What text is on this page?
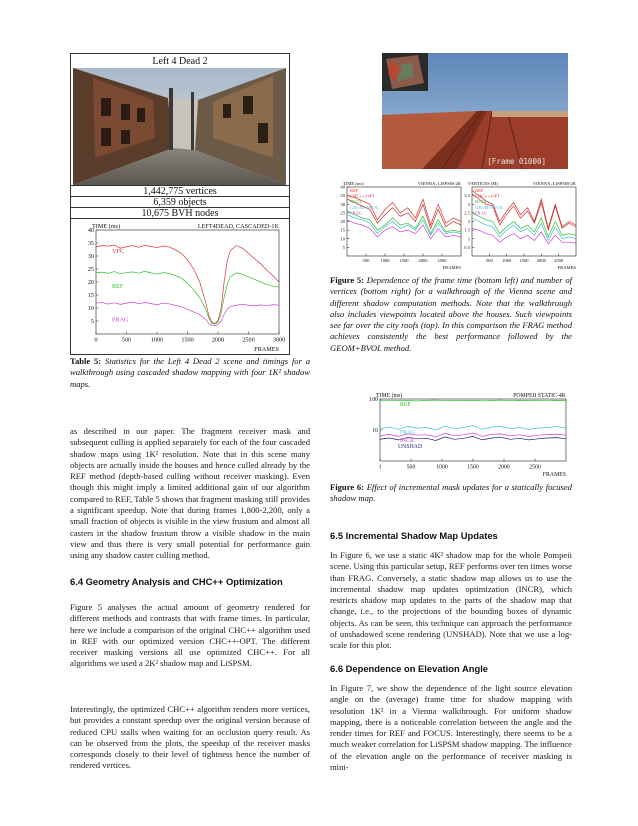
Left 4 Dead 2
1,442,775 vertices
6,359 objects
10,675 BVH nodes
LEFT4DEAD, CASCADED-1K
TIME (ms)
FRAMES
5
10
15
20
25
30
35
40
0	500	1000	1500	2000	2500	3000
VFC
REF
FRAG
Table 5: Statistics for the Left 4 Dead 2 scene and timings for a walkthrough using cascaded shadow mapping with four 1K² shadow maps.
[Frame 01000]
VIENNA, LISPSM-2K
TIME (ms)
FRAMES
5
10
15
20
25
30
35
40
500 1000 1500 2000 2500
REF
CHC++-OPT
BVOL
GEOM+BVOL
FRAG
VIENNA, LISPSM-2K
VERTICES (M)
FRAMES
0.5
1
1.5
2
2.5
3
3.5
500 1000 1500 2000 2500
REF
CHC++-OPT
BVOL
GEOM+BVOL
FRAG
Figure 5: Dependence of the frame time (bottom left) and number of vertices (bottom right) for a walkthrough of the Vienna scene and different shadow computation methods. Note that the walkthrough also includes viewpoints located above the houses. Such viewpoints see far over the city roofs (top). In this comparison the FRAG method achieves consistently the best performance followed by the GEOM+BVOL method.
POMPEII STATIC-4K
TIME (ms)
FRAMES
10
100
1	500	1000	1500	2000	2500
REF
FRAG
INCR
UNSHAD
Figure 6: Effect of incremental mask updates for a statically focused shadow map.
as described in our paper. The fragment receiver mask and subsequent culling is applied separately for each of the four cascaded shadow maps using 1K² resolution. Note that in this scene many objects are actually inside the houses and hence culled already by the REF method (depth-based culling without receiver masking). Even though this might imply a limited additional gain of our algorithm compared to REF, Table 5 shows that fragment masking still provides a significant speedup. Note that during frames 1,800-2,200, only a small fraction of objects is visible in the view frustum and almost all casters in the shadow frustum throw a visible shadow in the main view and thus there is very small potential for performance gain using any shadow caster culling method.
6.4 Geometry Analysis and CHC++ Optimization
Figure 5 analyses the actual amount of geometry rendered for different methods and contrasts that with frame times. In particular, here we include a comparison of the original CHC++ algorithm used in REF with our optimized version CHC++-OPT. The different receiver masking versions all use optimized CHC++. For all algorithms we used a 2K² shadow map and LiSPSM.
Interestingly, the optimized CHC++ algorithm renders more vertices, but provides a constant speedup over the original version because of reduced CPU stalls when waiting for an occlusion query result. As can be observed from the plots, the speedup of the receiver masks corresponds closely to their level of tightness hence the number of rendered vertices.
6.5 Incremental Shadow Map Updates
In Figure 6, we use a static 4K² shadow map for the whole Pompeii scene. Using this particular setup, REF performs over ten times worse than FRAG. Conversely, a static shadow map allows us to use the incremental shadow map updates optimization (INCR), which restricts shadow map updates to the parts of the shadow map that change, i.e., to the projections of the bounding boxes of dynamic objects. As can be seen, this technique can approach the performance of unshadowed scene rendering (UNSHAD). Note that we use a log-scale for this plot.
6.6 Dependence on Elevation Angle
In Figure 7, we show the dependence of the light source elevation angle on the (average) frame time for shadow mapping with resolution 1K² in a Vienna walkthrough. For uniform shadow mapping, there is a noticeable correlation between the angle and the render times for REF and FOCUS. Interestingly, there seems to be a much weaker correlation for LiSPSM shadow mapping. The influence of the elevation angle on the performance of receiver masking is mini-
